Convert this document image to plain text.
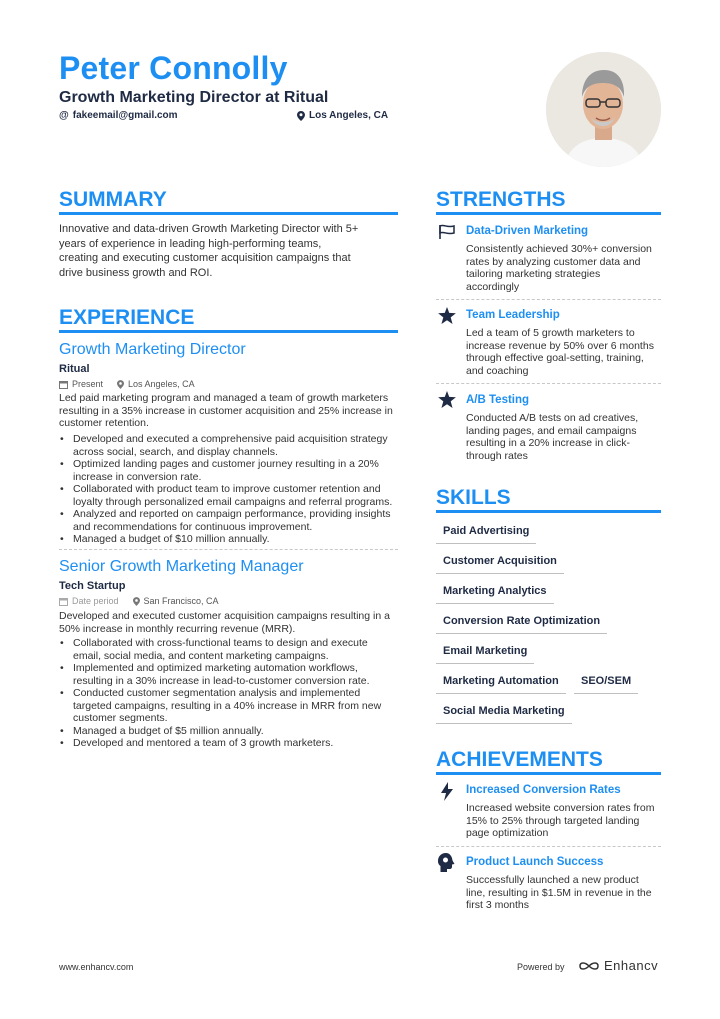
Peter Connolly
Growth Marketing Director at Ritual
@ fakeemail@gmail.com	Los Angeles, CA
SUMMARY
Innovative and data-driven Growth Marketing Director with 5+
years of experience in leading high-performing teams,
creating and executing customer acquisition campaigns that
drive business growth and ROI.
EXPERIENCE
Growth Marketing Director
Ritual
Present	Los Angeles, CA
Led paid marketing program and managed a team of growth marketers
resulting in a 35% increase in customer acquisition and 25% increase in
customer retention.
• Developed and executed a comprehensive paid acquisition strategy
across social, search, and display channels.
• Optimized landing pages and customer journey resulting in a 20%
increase in conversion rate.
• Collaborated with product team to improve customer retention and
loyalty through personalized email campaigns and referral programs.
• Analyzed and reported on campaign performance, providing insights
and recommendations for continuous improvement.
• Managed a budget of $10 million annually.
Senior Growth Marketing Manager
Tech Startup
Date period	San Francisco, CA
Developed and executed customer acquisition campaigns resulting in a
50% increase in monthly recurring revenue (MRR).
• Collaborated with cross-functional teams to design and execute
email, social media, and content marketing campaigns.
• Implemented and optimized marketing automation workflows,
resulting in a 30% increase in lead-to-customer conversion rate.
• Conducted customer segmentation analysis and implemented
targeted campaigns, resulting in a 40% increase in MRR from new
customer segments.
• Managed a budget of $5 million annually.
• Developed and mentored a team of 3 growth marketers.
STRENGTHS
Data-Driven Marketing
Consistently achieved 30%+ conversion
rates by analyzing customer data and
tailoring marketing strategies
accordingly
Team Leadership
Led a team of 5 growth marketers to
increase revenue by 50% over 6 months
through effective goal-setting, training,
and coaching
A/B Testing
Conducted A/B tests on ad creatives,
landing pages, and email campaigns
resulting in a 20% increase in click-
through rates
SKILLS
Paid Advertising
Customer Acquisition
Marketing Analytics
Conversion Rate Optimization
Email Marketing
Marketing Automation	SEO/SEM
Social Media Marketing
ACHIEVEMENTS
Increased Conversion Rates
Increased website conversion rates from
15% to 25% through targeted landing
page optimization
Product Launch Success
Successfully launched a new product
line, resulting in $1.5M in revenue in the
first 3 months
www.enhancv.com	Powered by	Enhancv
